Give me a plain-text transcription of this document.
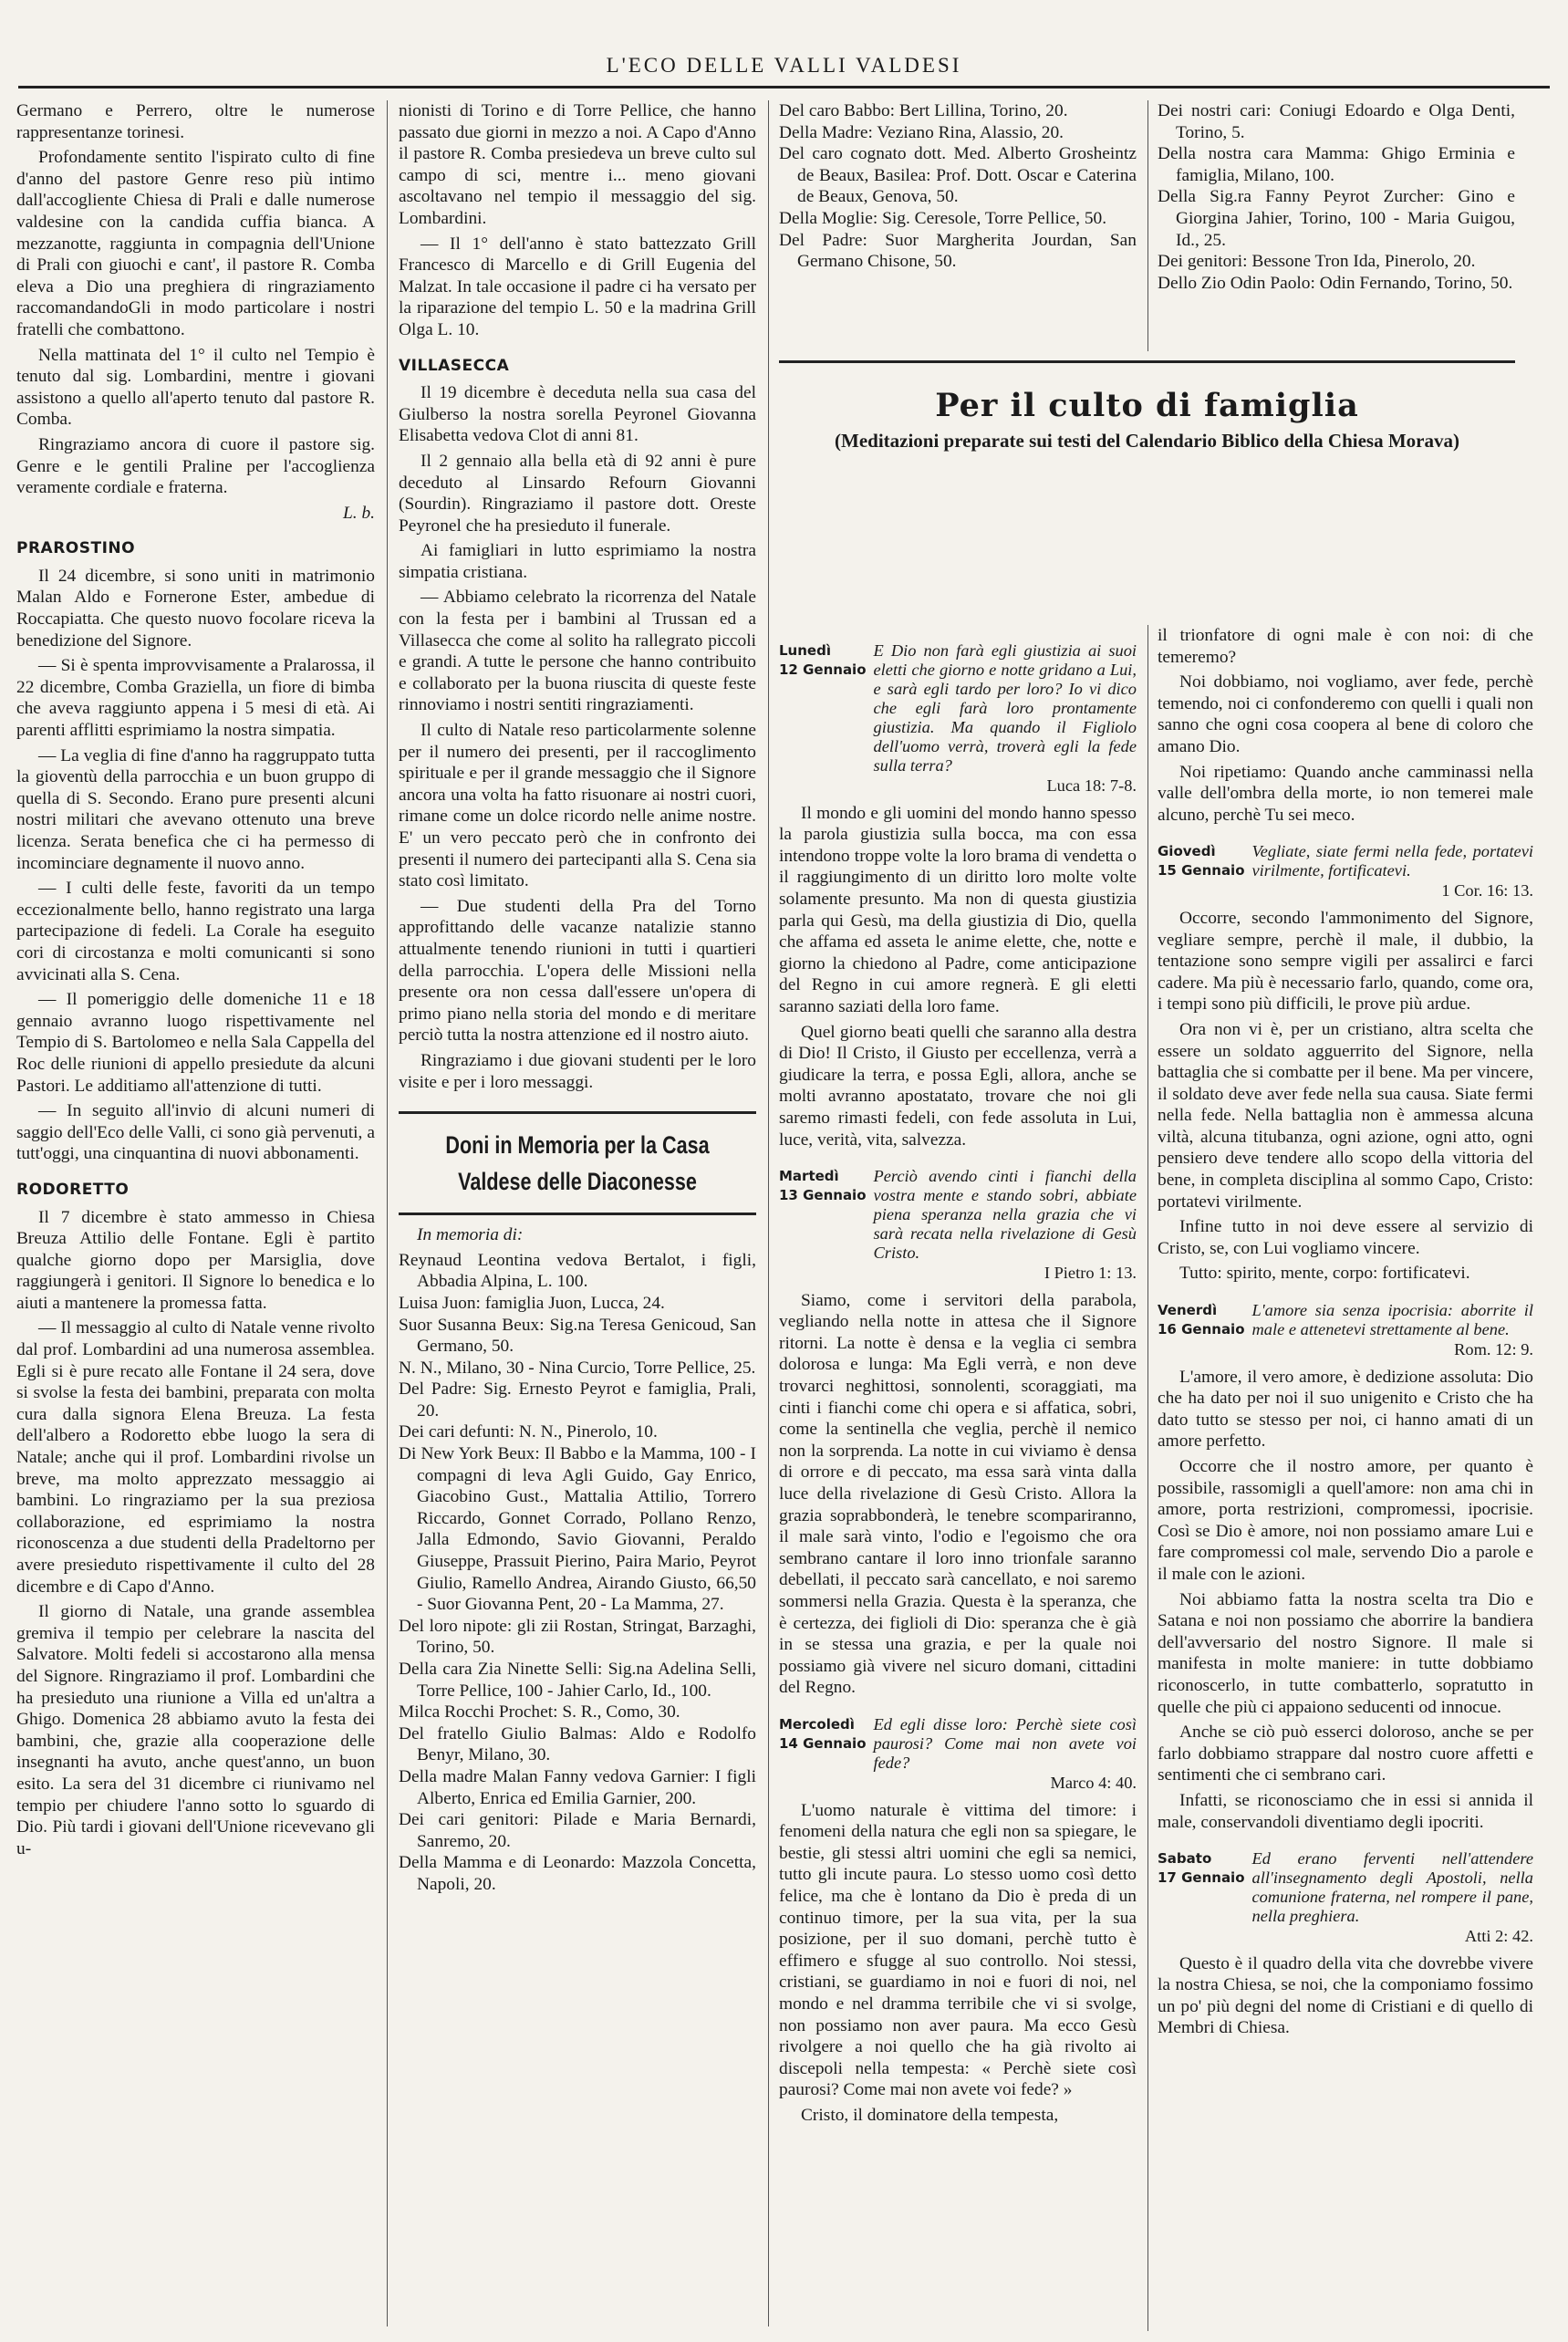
L'ECO DELLE VALLI VALDESI

Germano e Perrero, oltre le numerose rappresentanze torinesi.

Profondamente sentito l'ispirato culto di fine d'anno del pastore Genre reso più intimo dall'accogliente Chiesa di Prali e dalle numerose valdesine con la candida cuffia bianca. A mezzanotte, raggiunta in compagnia dell'Unione di Prali con giuochi e cant', il pastore R. Comba eleva a Dio una preghiera di ringraziamento raccomandandoGli in modo particolare i nostri fratelli che combattono.

Nella mattinata del 1° il culto nel Tempio è tenuto dal sig. Lombardini, mentre i giovani assistono a quello all'aperto tenuto dal pastore R. Comba.

Ringraziamo ancora di cuore il pastore sig. Genre e le gentili Praline per l'accoglienza veramente cordiale e fraterna.

L. b.
PRAROSTINO

Il 24 dicembre, si sono uniti in matrimonio Malan Aldo e Fornerone Ester, ambedue di Roccapiatta. Che questo nuovo focolare riceva la benedizione del Signore.

— Si è spenta improvvisamente a Pralarossa, il 22 dicembre, Comba Graziella, un fiore di bimba che aveva raggiunto appena i 5 mesi di età. Ai parenti afflitti esprimiamo la nostra simpatia.

— La veglia di fine d'anno ha raggruppato tutta la gioventù della parrocchia e un buon gruppo di quella di S. Secondo. Erano pure presenti alcuni nostri militari che avevano ottenuto una breve licenza. Serata benefica che ci ha permesso di incominciare degnamente il nuovo anno.

— I culti delle feste, favoriti da un tempo eccezionalmente bello, hanno registrato una larga partecipazione di fedeli. La Corale ha eseguito cori di circostanza e molti comunicanti si sono avvicinati alla S. Cena.

— Il pomeriggio delle domeniche 11 e 18 gennaio avranno luogo rispettivamente nel Tempio di S. Bartolomeo e nella Sala Cappella del Roc delle riunioni di appello presiedute da alcuni Pastori. Le additiamo all'attenzione di tutti.

— In seguito all'invio di alcuni numeri di saggio dell'Eco delle Valli, ci sono già pervenuti, a tutt'oggi, una cinquantina di nuovi abbonamenti.

RODORETTO

Il 7 dicembre è stato ammesso in Chiesa Breuza Attilio delle Fontane. Egli è partito qualche giorno dopo per Marsiglia, dove raggiungerà i genitori. Il Signore lo benedica e lo aiuti a mantenere la promessa fatta.

— Il messaggio al culto di Natale venne rivolto dal prof. Lombardini ad una numerosa assemblea. Egli si è pure recato alle Fontane il 24 sera, dove si svolse la festa dei bambini, preparata con molta cura dalla signora Elena Breuza. La festa dell'albero a Rodoretto ebbe luogo la sera di Natale; anche qui il prof. Lombardini rivolse un breve, ma molto apprezzato messaggio ai bambini. Lo ringraziamo per la sua preziosa collaborazione, ed esprimiamo la nostra riconoscenza a due studenti della Pradeltorno per avere presieduto rispettivamente il culto del 28 dicembre e di Capo d'Anno.

Il giorno di Natale, una grande assemblea gremiva il tempio per celebrare la nascita del Salvatore. Molti fedeli si accostarono alla mensa del Signore. Ringraziamo il prof. Lombardini che ha presieduto una riunione a Villa ed un'altra a Ghigo. Domenica 28 abbiamo avuto la festa dei bambini, che, grazie alla cooperazione delle insegnanti ha avuto, anche quest'anno, un buon esito. La sera del 31 dicembre ci riunivamo nel tempio per chiudere l'anno sotto lo sguardo di Dio. Più tardi i giovani dell'Unione ricevevano gli u-

nionisti di Torino e di Torre Pellice, che hanno passato due giorni in mezzo a noi. A Capo d'Anno il pastore R. Comba presiedeva un breve culto sul campo di sci, mentre i... meno giovani ascoltavano nel tempio il messaggio del sig. Lombardini.

— Il 1° dell'anno è stato battezzato Grill Francesco di Marcello e di Grill Eugenia del Malzat. In tale occasione il padre ci ha versato per la riparazione del tempio L. 50 e la madrina Grill Olga L. 10.

VILLASECCA

Il 19 dicembre è deceduta nella sua casa del Giulberso la nostra sorella Peyronel Giovanna Elisabetta vedova Clot di anni 81.

Il 2 gennaio alla bella età di 92 anni è pure deceduto al Linsardo Refourn Giovanni (Sourdin). Ringraziamo il pastore dott. Oreste Peyronel che ha presieduto il funerale.

Ai famigliari in lutto esprimiamo la nostra simpatia cristiana.

— Abbiamo celebrato la ricorrenza del Natale con la festa per i bambini al Trussan ed a Villasecca che come al solito ha rallegrato piccoli e grandi. A tutte le persone che hanno contribuito e collaborato per la buona riuscita di queste feste rinnoviamo i nostri sentiti ringraziamenti.

Il culto di Natale reso particolarmente solenne per il numero dei presenti, per il raccoglimento spirituale e per il grande messaggio che il Signore ancora una volta ha fatto risuonare ai nostri cuori, rimane come un dolce ricordo nelle anime nostre. E' un vero peccato però che in confronto dei presenti il numero dei partecipanti alla S. Cena sia stato così limitato.

— Due studenti della Pra del Torno approfittando delle vacanze natalizie stanno attualmente tenendo riunioni in tutti i quartieri della parrocchia. L'opera delle Missioni nella presente ora non cessa dall'essere un'opera di primo piano nella storia del mondo e di meritare perciò tutta la nostra attenzione ed il nostro aiuto.

Ringraziamo i due giovani studenti per le loro visite e per i loro messaggi.

Doni in Memoria per la Casa Valdese delle Diaconesse

In memoria di:

Reynaud Leontina vedova Bertalot, i figli, Abbadia Alpina, L. 100.

Luisa Juon: famiglia Juon, Lucca, 24.

Suor Susanna Beux: Sig.na Teresa Genicoud, San Germano, 50.

N. N., Milano, 30 - Nina Curcio, Torre Pellice, 25.

Del Padre: Sig. Ernesto Peyrot e famiglia, Prali, 20.

Dei cari defunti: N. N., Pinerolo, 10.

Di New York Beux: Il Babbo e la Mamma, 100 - I compagni di leva Agli Guido, Gay Enrico, Giacobino Gust., Mattalia Attilio, Torrero Riccardo, Gonnet Corrado, Pollano Renzo, Jalla Edmondo, Savio Giovanni, Peraldo Giuseppe, Prassuit Pierino, Paira Mario, Peyrot Giulio, Ramello Andrea, Airando Giusto, 66,50 - Suor Giovanna Pent, 20 - La Mamma, 27.

Del loro nipote: gli zii Rostan, Stringat, Barzaghi, Torino, 50.

Della cara Zia Ninette Selli: Sig.na Adelina Selli, Torre Pellice, 100 - Jahier Carlo, Id., 100.

Milca Rocchi Prochet: S. R., Como, 30.

Del fratello Giulio Balmas: Aldo e Rodolfo Benyr, Milano, 30.

Della madre Malan Fanny vedova Garnier: I figli Alberto, Enrica ed Emilia Garnier, 200.

Dei cari genitori: Pilade e Maria Bernardi, Sanremo, 20.

Della Mamma e di Leonardo: Mazzola Concetta, Napoli, 20.

Del caro Babbo: Bert Lillina, Torino, 20.

Della Madre: Veziano Rina, Alassio, 20.

Del caro cognato dott. Med. Alberto Grosheintz de Beaux, Basilea: Prof. Dott. Oscar e Caterina de Beaux, Genova, 50.

Della Moglie: Sig. Ceresole, Torre Pellice, 50.

Del Padre: Suor Margherita Jourdan, San Germano Chisone, 50.

Dei nostri cari: Coniugi Edoardo e Olga Denti, Torino, 5.

Della nostra cara Mamma: Ghigo Erminia e famiglia, Milano, 100.

Della Sig.ra Fanny Peyrot Zurcher: Gino e Giorgina Jahier, Torino, 100 - Maria Guigou, Id., 25.

Dei genitori: Bessone Tron Ida, Pinerolo, 20.

Dello Zio Odin Paolo: Odin Fernando, Torino, 50.

Per il culto di famiglia
(Meditazioni preparate sui testi del Calendario Biblico della Chiesa Morava)
Lunedì
12 Gennaio
E Dio non farà egli giustizia ai suoi eletti che giorno e notte gridano a Lui, e sarà egli tardo per loro? Io vi dico che egli farà loro prontamente giustizia. Ma quando il Figliolo dell'uomo verrà, troverà egli la fede sulla terra?
Luca 18: 7-8.

Il mondo e gli uomini del mondo hanno spesso la parola giustizia sulla bocca, ma con essa intendono troppe volte la loro brama di vendetta o il raggiungimento di un diritto loro molte volte solamente presunto. Ma non di questa giustizia parla qui Gesù, ma della giustizia di Dio, quella che affama ed asseta le anime elette, che, notte e giorno la chiedono al Padre, come anticipazione del Regno in cui amore regnerà. E gli eletti saranno saziati della loro fame.

Quel giorno beati quelli che saranno alla destra di Dio! Il Cristo, il Giusto per eccellenza, verrà a giudicare la terra, e possa Egli, allora, anche se molti avranno apostatato, trovare che noi gli saremo rimasti fedeli, con fede assoluta in Lui, luce, verità, vita, salvezza.

Martedì
13 Gennaio
Perciò avendo cinti i fianchi della vostra mente e stando sobri, abbiate piena speranza nella grazia che vi sarà recata nella rivelazione di Gesù Cristo.
I Pietro 1: 13.

Siamo, come i servitori della parabola, vegliando nella notte in attesa che il Signore ritorni. La notte è densa e la veglia ci sembra dolorosa e lunga: Ma Egli verrà, e non deve trovarci neghittosi, sonnolenti, scoraggiati, ma cinti i fianchi come chi opera e si affatica, sobri, come la sentinella che veglia, perchè il nemico non la sorprenda. La notte in cui viviamo è densa di orrore e di peccato, ma essa sarà vinta dalla luce della rivelazione di Gesù Cristo. Allora la grazia soprabbonderà, le tenebre scompariranno, il male sarà vinto, l'odio e l'egoismo che ora sembrano cantare il loro inno trionfale saranno debellati, il peccato sarà cancellato, e noi saremo sommersi nella Grazia. Questa è la speranza, che è certezza, dei figlioli di Dio: speranza che è già in se stessa una grazia, e per la quale noi possiamo già vivere nel sicuro domani, cittadini del Regno.

Mercoledì
14 Gennaio
Ed egli disse loro: Perchè siete così paurosi? Come mai non avete voi fede?
Marco 4: 40.

L'uomo naturale è vittima del timore: i fenomeni della natura che egli non sa spiegare, le bestie, gli stessi altri uomini che egli sa nemici, tutto gli incute paura. Lo stesso uomo così detto felice, ma che è lontano da Dio è preda di un continuo timore, per la sua vita, per la sua posizione, per il suo domani, perchè tutto è effimero e sfugge al suo controllo. Noi stessi, cristiani, se guardiamo in noi e fuori di noi, nel mondo e nel dramma terribile che vi si svolge, non possiamo non aver paura. Ma ecco Gesù rivolgere a noi quello che ha già rivolto ai discepoli nella tempesta: « Perchè siete così paurosi? Come mai non avete voi fede? »

Cristo, il dominatore della tempesta,

il trionfatore di ogni male è con noi: di che temeremo?

Noi dobbiamo, noi vogliamo, aver fede, perchè temendo, noi ci confonderemo con quelli i quali non sanno che ogni cosa coopera al bene di coloro che amano Dio.

Noi ripetiamo: Quando anche camminassi nella valle dell'ombra della morte, io non temerei male alcuno, perchè Tu sei meco.

Giovedì
15 Gennaio
Vegliate, siate fermi nella fede, portatevi virilmente, fortificatevi.
1 Cor. 16: 13.

Occorre, secondo l'ammonimento del Signore, vegliare sempre, perchè il male, il dubbio, la tentazione sono sempre vigili per assalirci e farci cadere. Ma più è necessario farlo, quando, come ora, i tempi sono più difficili, le prove più ardue.

Ora non vi è, per un cristiano, altra scelta che essere un soldato agguerrito del Signore, nella battaglia che si combatte per il bene. Ma per vincere, il soldato deve aver fede nella sua causa. Siate fermi nella fede. Nella battaglia non è ammessa alcuna viltà, alcuna titubanza, ogni azione, ogni atto, ogni pensiero deve tendere allo scopo della vittoria del bene, in completa disciplina al sommo Capo, Cristo: portatevi virilmente.

Infine tutto in noi deve essere al servizio di Cristo, se, con Lui vogliamo vincere.

Tutto: spirito, mente, corpo: fortificatevi.

Venerdì
16 Gennaio
L'amore sia senza ipocrisia: aborrite il male e attenetevi strettamente al bene.
Rom. 12: 9.

L'amore, il vero amore, è dedizione assoluta: Dio che ha dato per noi il suo unigenito e Cristo che ha dato tutto se stesso per noi, ci hanno amati di un amore perfetto.

Occorre che il nostro amore, per quanto è possibile, rassomigli a quell'amore: non ama chi in amore, porta restrizioni, compromessi, ipocrisie. Così se Dio è amore, noi non possiamo amare Lui e fare compromessi col male, servendo Dio a parole e il male con le azioni.

Noi abbiamo fatta la nostra scelta tra Dio e Satana e noi non possiamo che aborrire la bandiera dell'avversario del nostro Signore. Il male si manifesta in molte maniere: in tutte dobbiamo riconoscerlo, in tutte combatterlo, sopratutto in quelle che più ci appaiono seducenti od innocue.

Anche se ciò può esserci doloroso, anche se per farlo dobbiamo strappare dal nostro cuore affetti e sentimenti che ci sembrano cari.

Infatti, se riconosciamo che in essi si annida il male, conservandoli diventiamo degli ipocriti.

Sabato
17 Gennaio
Ed erano ferventi nell'attendere all'insegnamento degli Apostoli, nella comunione fraterna, nel rompere il pane, nella preghiera.
Atti 2: 42.

Questo è il quadro della vita che dovrebbe vivere la nostra Chiesa, se noi, che la componiamo fossimo un po' più degni del nome di Cristiani e di quello di Membri di Chiesa.
